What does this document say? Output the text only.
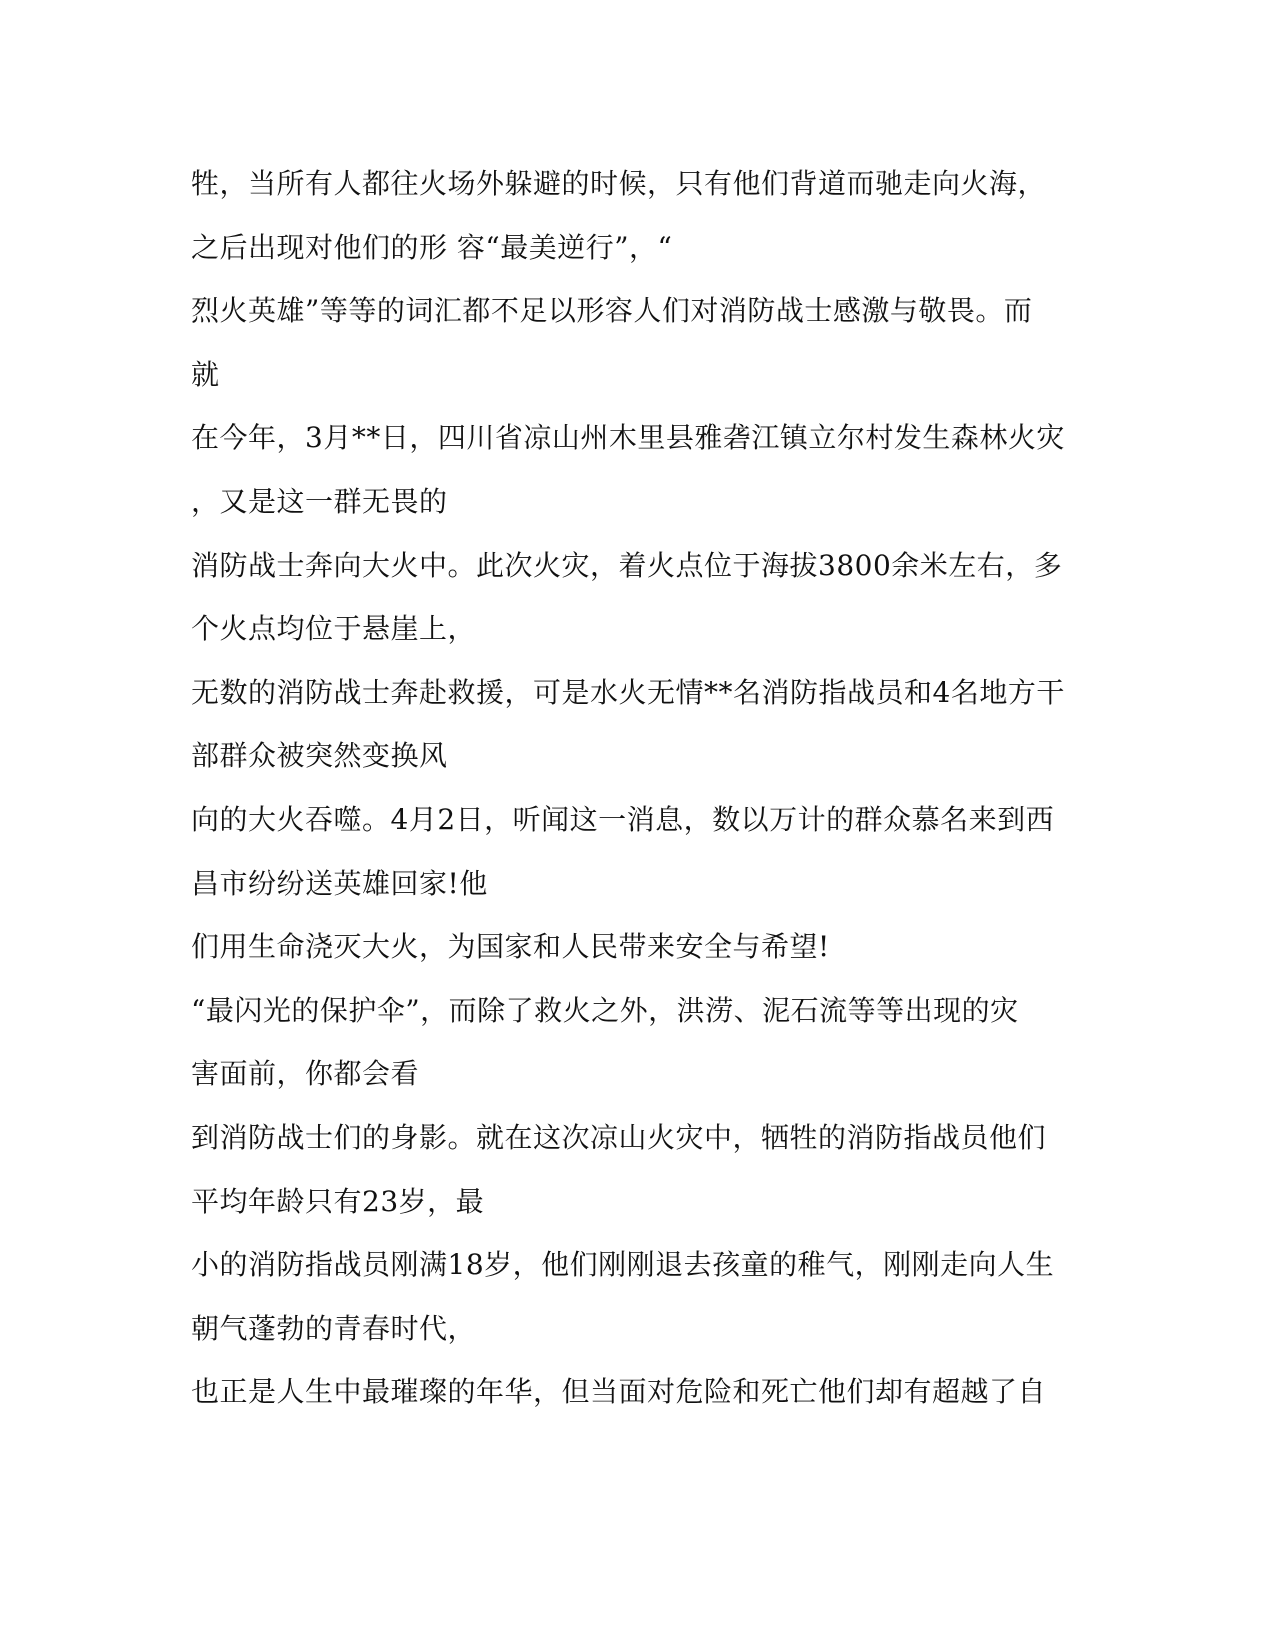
牲，当所有人都往火场外躲避的时候，只有他们背道而驰走向火海，
之后出现对他们的形 容“最美逆行”，“
烈火英雄”等等的词汇都不足以形容人们对消防战士感激与敬畏。而
就
在今年，3月**日，四川省凉山州木里县雅砻江镇立尔村发生森林火灾
，又是这一群无畏的
消防战士奔向大火中。此次火灾，着火点位于海拔3800余米左右，多
个火点均位于悬崖上，
无数的消防战士奔赴救援，可是水火无情**名消防指战员和4名地方干
部群众被突然变换风
向的大火吞噬。4月2日，听闻这一消息，数以万计的群众慕名来到西
昌市纷纷送英雄回家!他
们用生命浇灭大火，为国家和人民带来安全与希望!
“最闪光的保护伞”，而除了救火之外，洪涝、泥石流等等出现的灾
害面前，你都会看
到消防战士们的身影。就在这次凉山火灾中，牺牲的消防指战员他们
平均年龄只有23岁，最
小的消防指战员刚满18岁，他们刚刚退去孩童的稚气，刚刚走向人生
朝气蓬勃的青春时代，
也正是人生中最璀璨的年华，但当面对危险和死亡他们却有超越了自
